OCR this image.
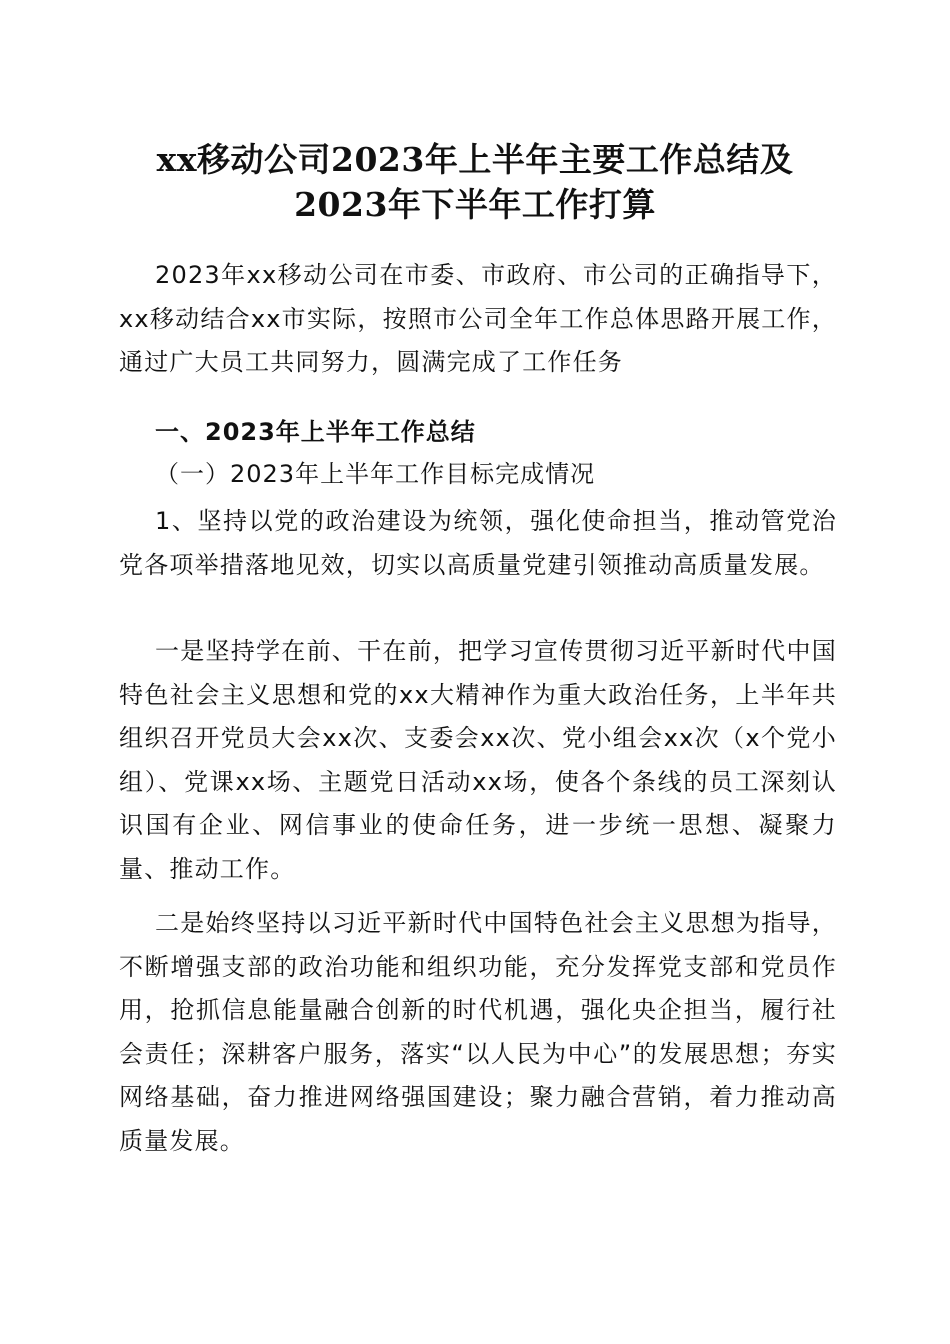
xx移动公司2023年上半年主要工作总结及
2023年下半年工作打算

2023年xx移动公司在市委、市政府、市公司的正确指导下，xx移动结合xx市实际，按照市公司全年工作总体思路开展工作，通过广大员工共同努力，圆满完成了工作任务

一、2023年上半年工作总结
（一）2023年上半年工作目标完成情况

1、坚持以党的政治建设为统领，强化使命担当，推动管党治党各项举措落地见效，切实以高质量党建引领推动高质量发展。

一是坚持学在前、干在前，把学习宣传贯彻习近平新时代中国特色社会主义思想和党的xx大精神作为重大政治任务，上半年共组织召开党员大会xx次、支委会xx次、党小组会xx次（x个党小组）、党课xx场、主题党日活动xx场，使各个条线的员工深刻认识国有企业、网信事业的使命任务，进一步统一思想、凝聚力量、推动工作。

二是始终坚持以习近平新时代中国特色社会主义思想为指导，不断增强支部的政治功能和组织功能，充分发挥党支部和党员作用，抢抓信息能量融合创新的时代机遇，强化央企担当，履行社会责任；深耕客户服务，落实“以人民为中心”的发展思想；夯实网络基础，奋力推进网络强国建设；聚力融合营销，着力推动高质量发展。
